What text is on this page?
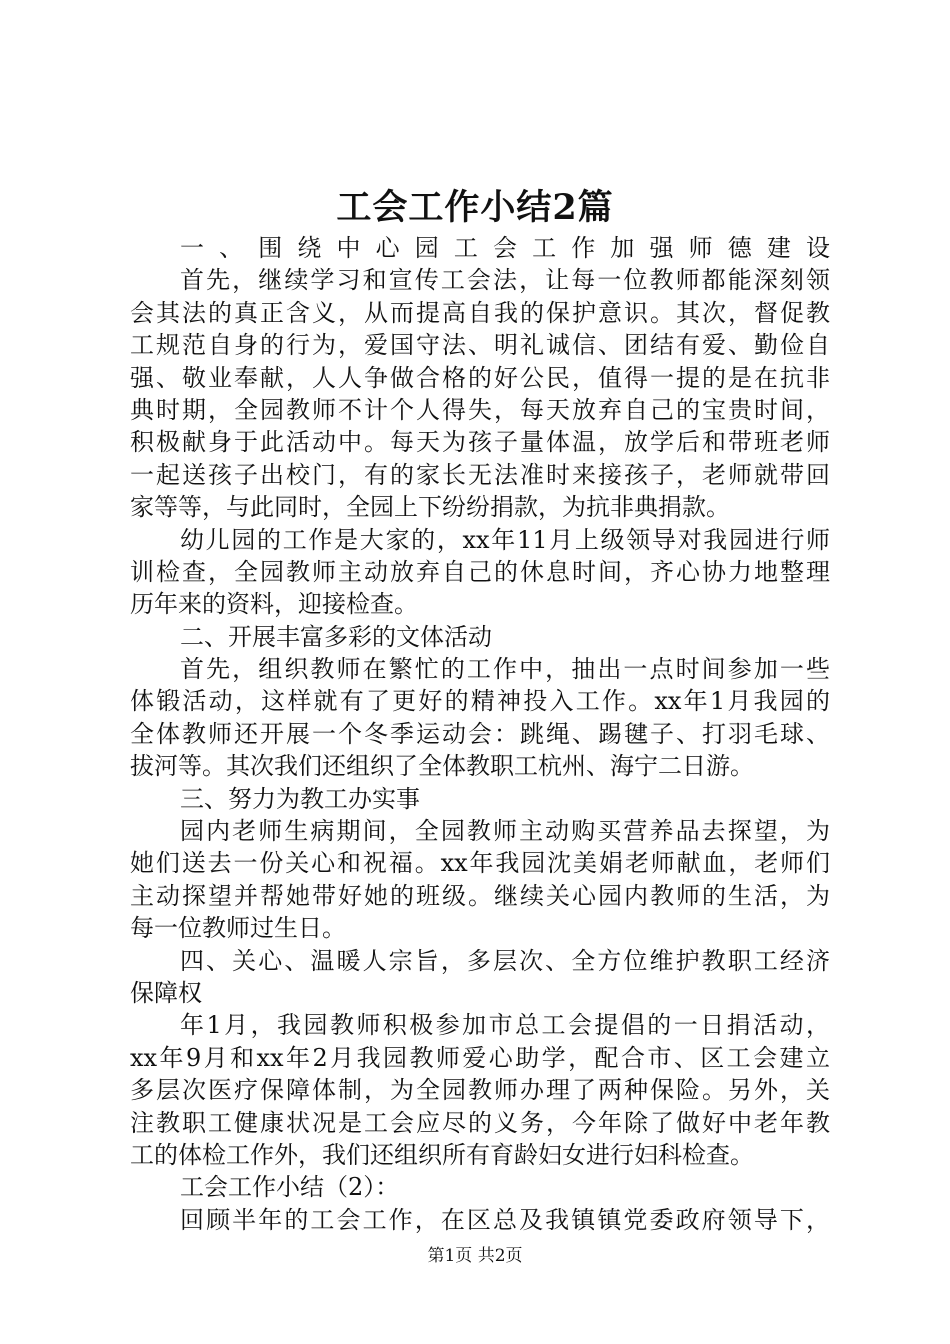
工会工作小结2篇
一、围绕中心园工会工作加强师德建设
首先，继续学习和宣传工会法，让每一位教师都能深刻领
会其法的真正含义，从而提高自我的保护意识。其次，督促教
工规范自身的行为，爱国守法、明礼诚信、团结有爱、勤俭自
强、敬业奉献，人人争做合格的好公民，值得一提的是在抗非
典时期，全园教师不计个人得失，每天放弃自己的宝贵时间，
积极献身于此活动中。每天为孩子量体温，放学后和带班老师
一起送孩子出校门，有的家长无法准时来接孩子，老师就带回
家等等，与此同时，全园上下纷纷捐款，为抗非典捐款。
幼儿园的工作是大家的，xx年11月上级领导对我园进行师
训检查，全园教师主动放弃自己的休息时间，齐心协力地整理
历年来的资料，迎接检查。
二、开展丰富多彩的文体活动
首先，组织教师在繁忙的工作中，抽出一点时间参加一些
体锻活动，这样就有了更好的精神投入工作。xx年1月我园的
全体教师还开展一个冬季运动会：跳绳、踢毽子、打羽毛球、
拔河等。其次我们还组织了全体教职工杭州、海宁二日游。
三、努力为教工办实事
园内老师生病期间，全园教师主动购买营养品去探望，为
她们送去一份关心和祝福。xx年我园沈美娟老师献血，老师们
主动探望并帮她带好她的班级。继续关心园内教师的生活，为
每一位教师过生日。
四、关心、温暖人宗旨，多层次、全方位维护教职工经济
保障权
年1月，我园教师积极参加市总工会提倡的一日捐活动，
xx年9月和xx年2月我园教师爱心助学，配合市、区工会建立
多层次医疗保障体制，为全园教师办理了两种保险。另外，关
注教职工健康状况是工会应尽的义务，今年除了做好中老年教
工的体检工作外，我们还组织所有育龄妇女进行妇科检查。
工会工作小结（2）：
回顾半年的工会工作，在区总及我镇镇党委政府领导下，
第1页 共2页
